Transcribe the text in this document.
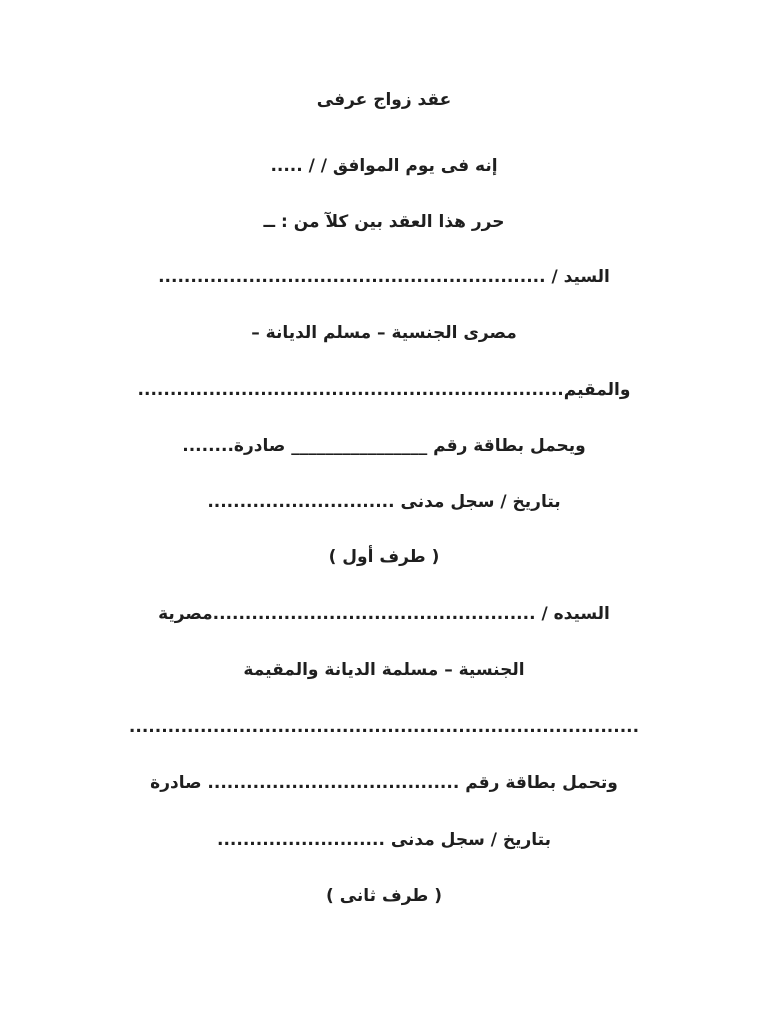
عقد زواج عرفى
إنه فى يوم الموافق / / .....
حرر هذا العقد بين كلآ من : ــ
السيد / ............................................................
مصرى الجنسية – مسلم الديانة –
والمقيم..................................................................
ويحمل بطاقة رقم ________________ صادرة........
بتاريخ / سجل مدنى .............................
( طرف أول )
السيده / ..................................................مصرية
الجنسية – مسلمة الديانة والمقيمة
...............................................................................
وتحمل بطاقة رقم ....................................... صادرة
بتاريخ / سجل مدنى ..........................
( طرف ثانى )
